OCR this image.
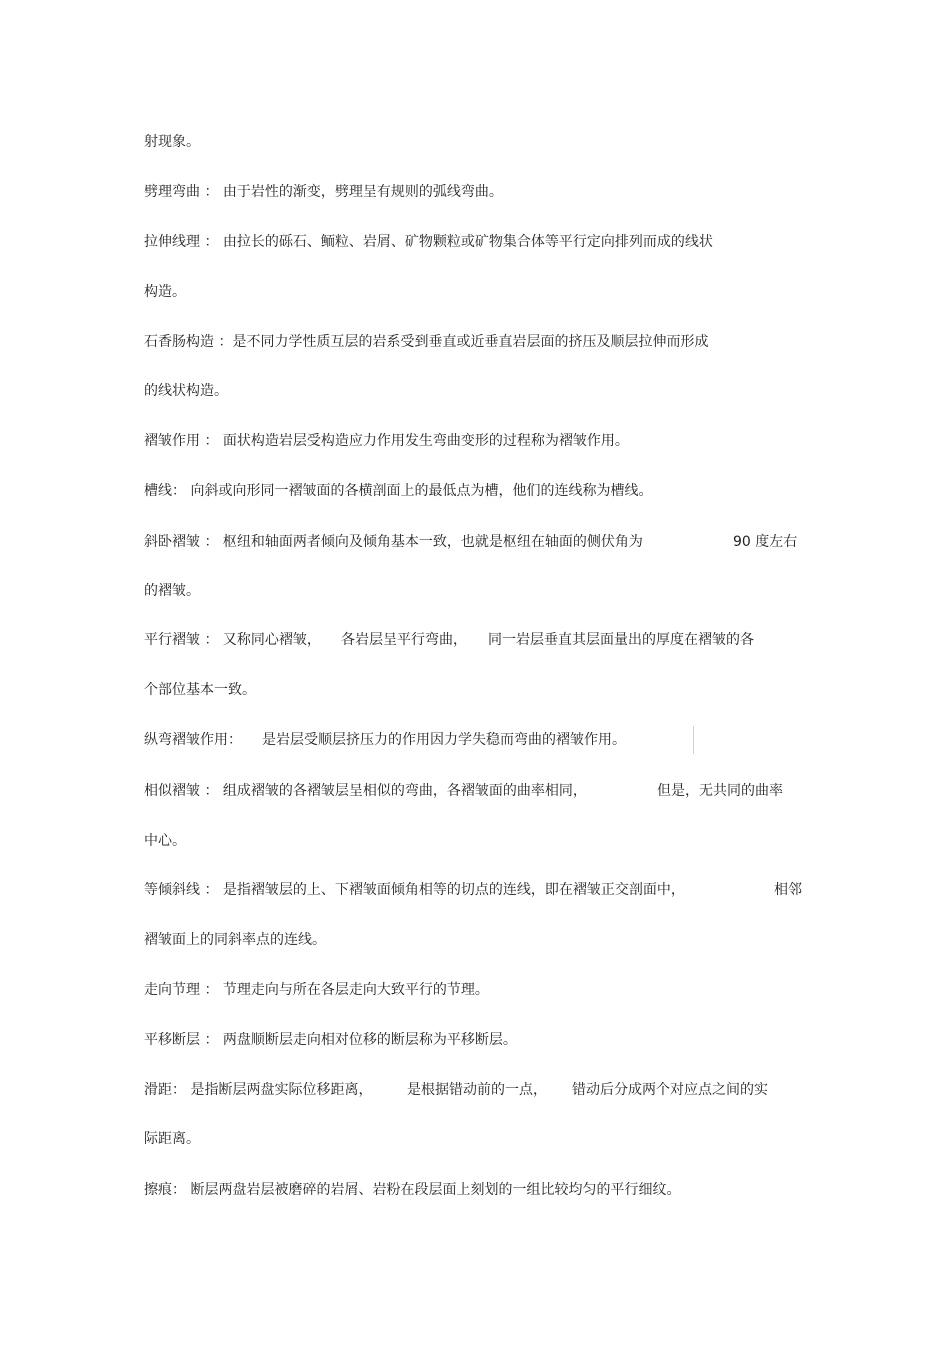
射现象。
劈理弯曲 ： 由于岩性的渐变，劈理呈有规则的弧线弯曲。
拉伸线理 ： 由拉长的砾石、鲕粒、岩屑、矿物颗粒或矿物集合体等平行定向排列而成的线状
构造。
石香肠构造 ：是不同力学性质互层的岩系受到垂直或近垂直岩层面的挤压及顺层拉伸而形成
的线状构造。
褶皱作用 ： 面状构造岩层受构造应力作用发生弯曲变形的过程称为褶皱作用。
槽线： 向斜或向形同一褶皱面的各横剖面上的最低点为槽，他们的连线称为槽线。
斜卧褶皱 ： 枢纽和轴面两者倾向及倾角基本一致，也就是枢纽在轴面的侧伏角为	90 度左右
的褶皱。
平行褶皱 ： 又称同心褶皱， 各岩层呈平行弯曲， 同一岩层垂直其层面量出的厚度在褶皱的各
个部位基本一致。
纵弯褶皱作用： 是岩层受顺层挤压力的作用因力学失稳而弯曲的褶皱作用。
相似褶皱 ： 组成褶皱的各褶皱层呈相似的弯曲，各褶皱面的曲率相同，	但是，无共同的曲率
中心。
等倾斜线 ： 是指褶皱层的上、下褶皱面倾角相等的切点的连线，即在褶皱正交剖面中，	相邻
褶皱面上的同斜率点的连线。
走向节理 ： 节理走向与所在各层走向大致平行的节理。
平移断层 ： 两盘顺断层走向相对位移的断层称为平移断层。
滑距： 是指断层两盘实际位移距离， 是根据错动前的一点， 错动后分成两个对应点之间的实
际距离。
擦痕： 断层两盘岩层被磨碎的岩屑、岩粉在段层面上刻划的一组比较均匀的平行细纹。
